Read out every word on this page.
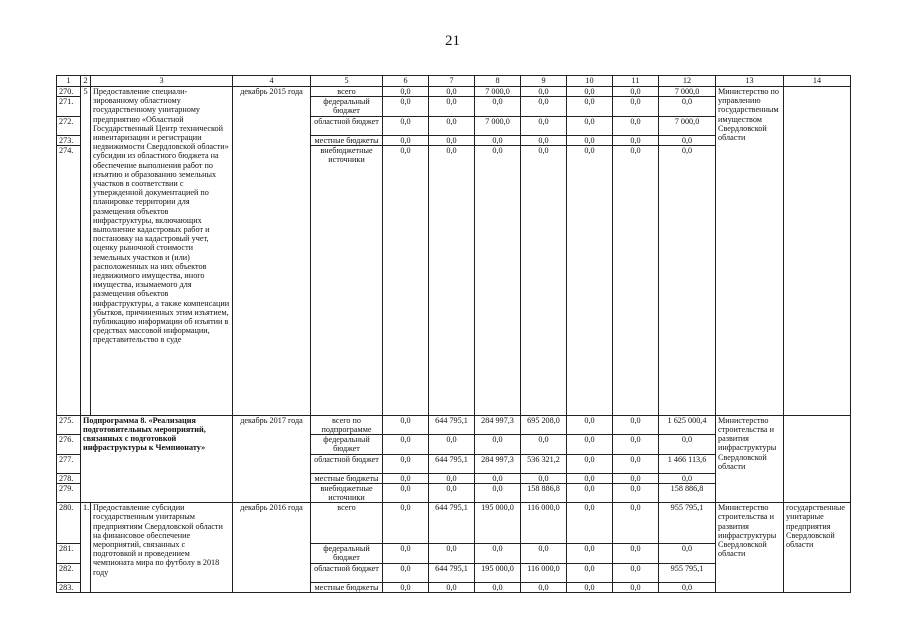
21
1	2	3	4	5	6	7	8	9	10	11	12	13	14
270.	5	Предоставление специали-зированному областному государственному унитарному предприятию «Областной Государственный Центр технической инвентаризации и регистрации недвижимости Свердловской области» субсидии из областного бюджета на обеспечение выполнения работ по изъятию и образованию земельных участков в соответствии с утвержденной документацией по планировке территории для размещения объектов инфраструктуры, включающих выполнение кадастровых работ и постановку на кадастровый учет, оценку рыночной стоимости земельных участков и (или) расположенных на них объектов недвижимого имущества, иного имущества, изымаемого для размещения объектов инфраструктуры, а также компенсации убытков, причиненных этим изъятием, публикацию информации об изъятии в средствах массовой информации, представительство в суде	декабрь 2015 года	всего	0,0	0,0	7 000,0	0,0	0,0	0,0	7 000,0	Министерство по управлению государственным имуществом Свердловской области	
271.				федеральный бюджет	0,0	0,0	0,0	0,0	0,0	0,0	0,0		
272.				областной бюджет	0,0	0,0	7 000,0	0,0	0,0	0,0	7 000,0		
273.				местные бюджеты	0,0	0,0	0,0	0,0	0,0	0,0	0,0		
274.				внебюджетные источники	0,0	0,0	0,0	0,0	0,0	0,0	0,0		
275.	Подпрограмма 8. «Реализация подготовительных мероприятий, связанных с подготовкой инфраструктуры к Чемпионату»		декабрь 2017 года	всего по подпрограмме	0,0	644 795,1	284 997,3	695 208,0	0,0	0,0	1 625 000,4	Министерство строительства и развития инфраструктуры Свердловской области	
276.				федеральный бюджет	0,0	0,0	0,0	0,0	0,0	0,0	0,0		
277.				областной бюджет	0,0	644 795,1	284 997,3	536 321,2	0,0	0,0	1 466 113,6		
278.				местные бюджеты	0,0	0,0	0,0	0,0	0,0	0,0	0,0		
279.				внебюджетные источники	0,0	0,0	0,0	158 886,8	0,0	0,0	158 886,8		
280.	1.	Предоставление субсидии государственным унитарным предприятиям Свердловской области на финансовое обеспечение мероприятий, связанных с подготовкой и проведением чемпионата мира по футболу в 2018 году	декабрь 2016 года	всего	0,0	644 795,1	195 000,0	116 000,0	0,0	0,0	955 795,1	Министерство строительства и развития инфраструктуры Свердловской области	государственные унитарные предприятия Свердловской области
281.				федеральный бюджет	0,0	0,0	0,0	0,0	0,0	0,0	0,0		
282.				областной бюджет	0,0	644 795,1	195 000,0	116 000,0	0,0	0,0	955 795,1		
283.				местные бюджеты	0,0	0,0	0,0	0,0	0,0	0,0	0,0		
